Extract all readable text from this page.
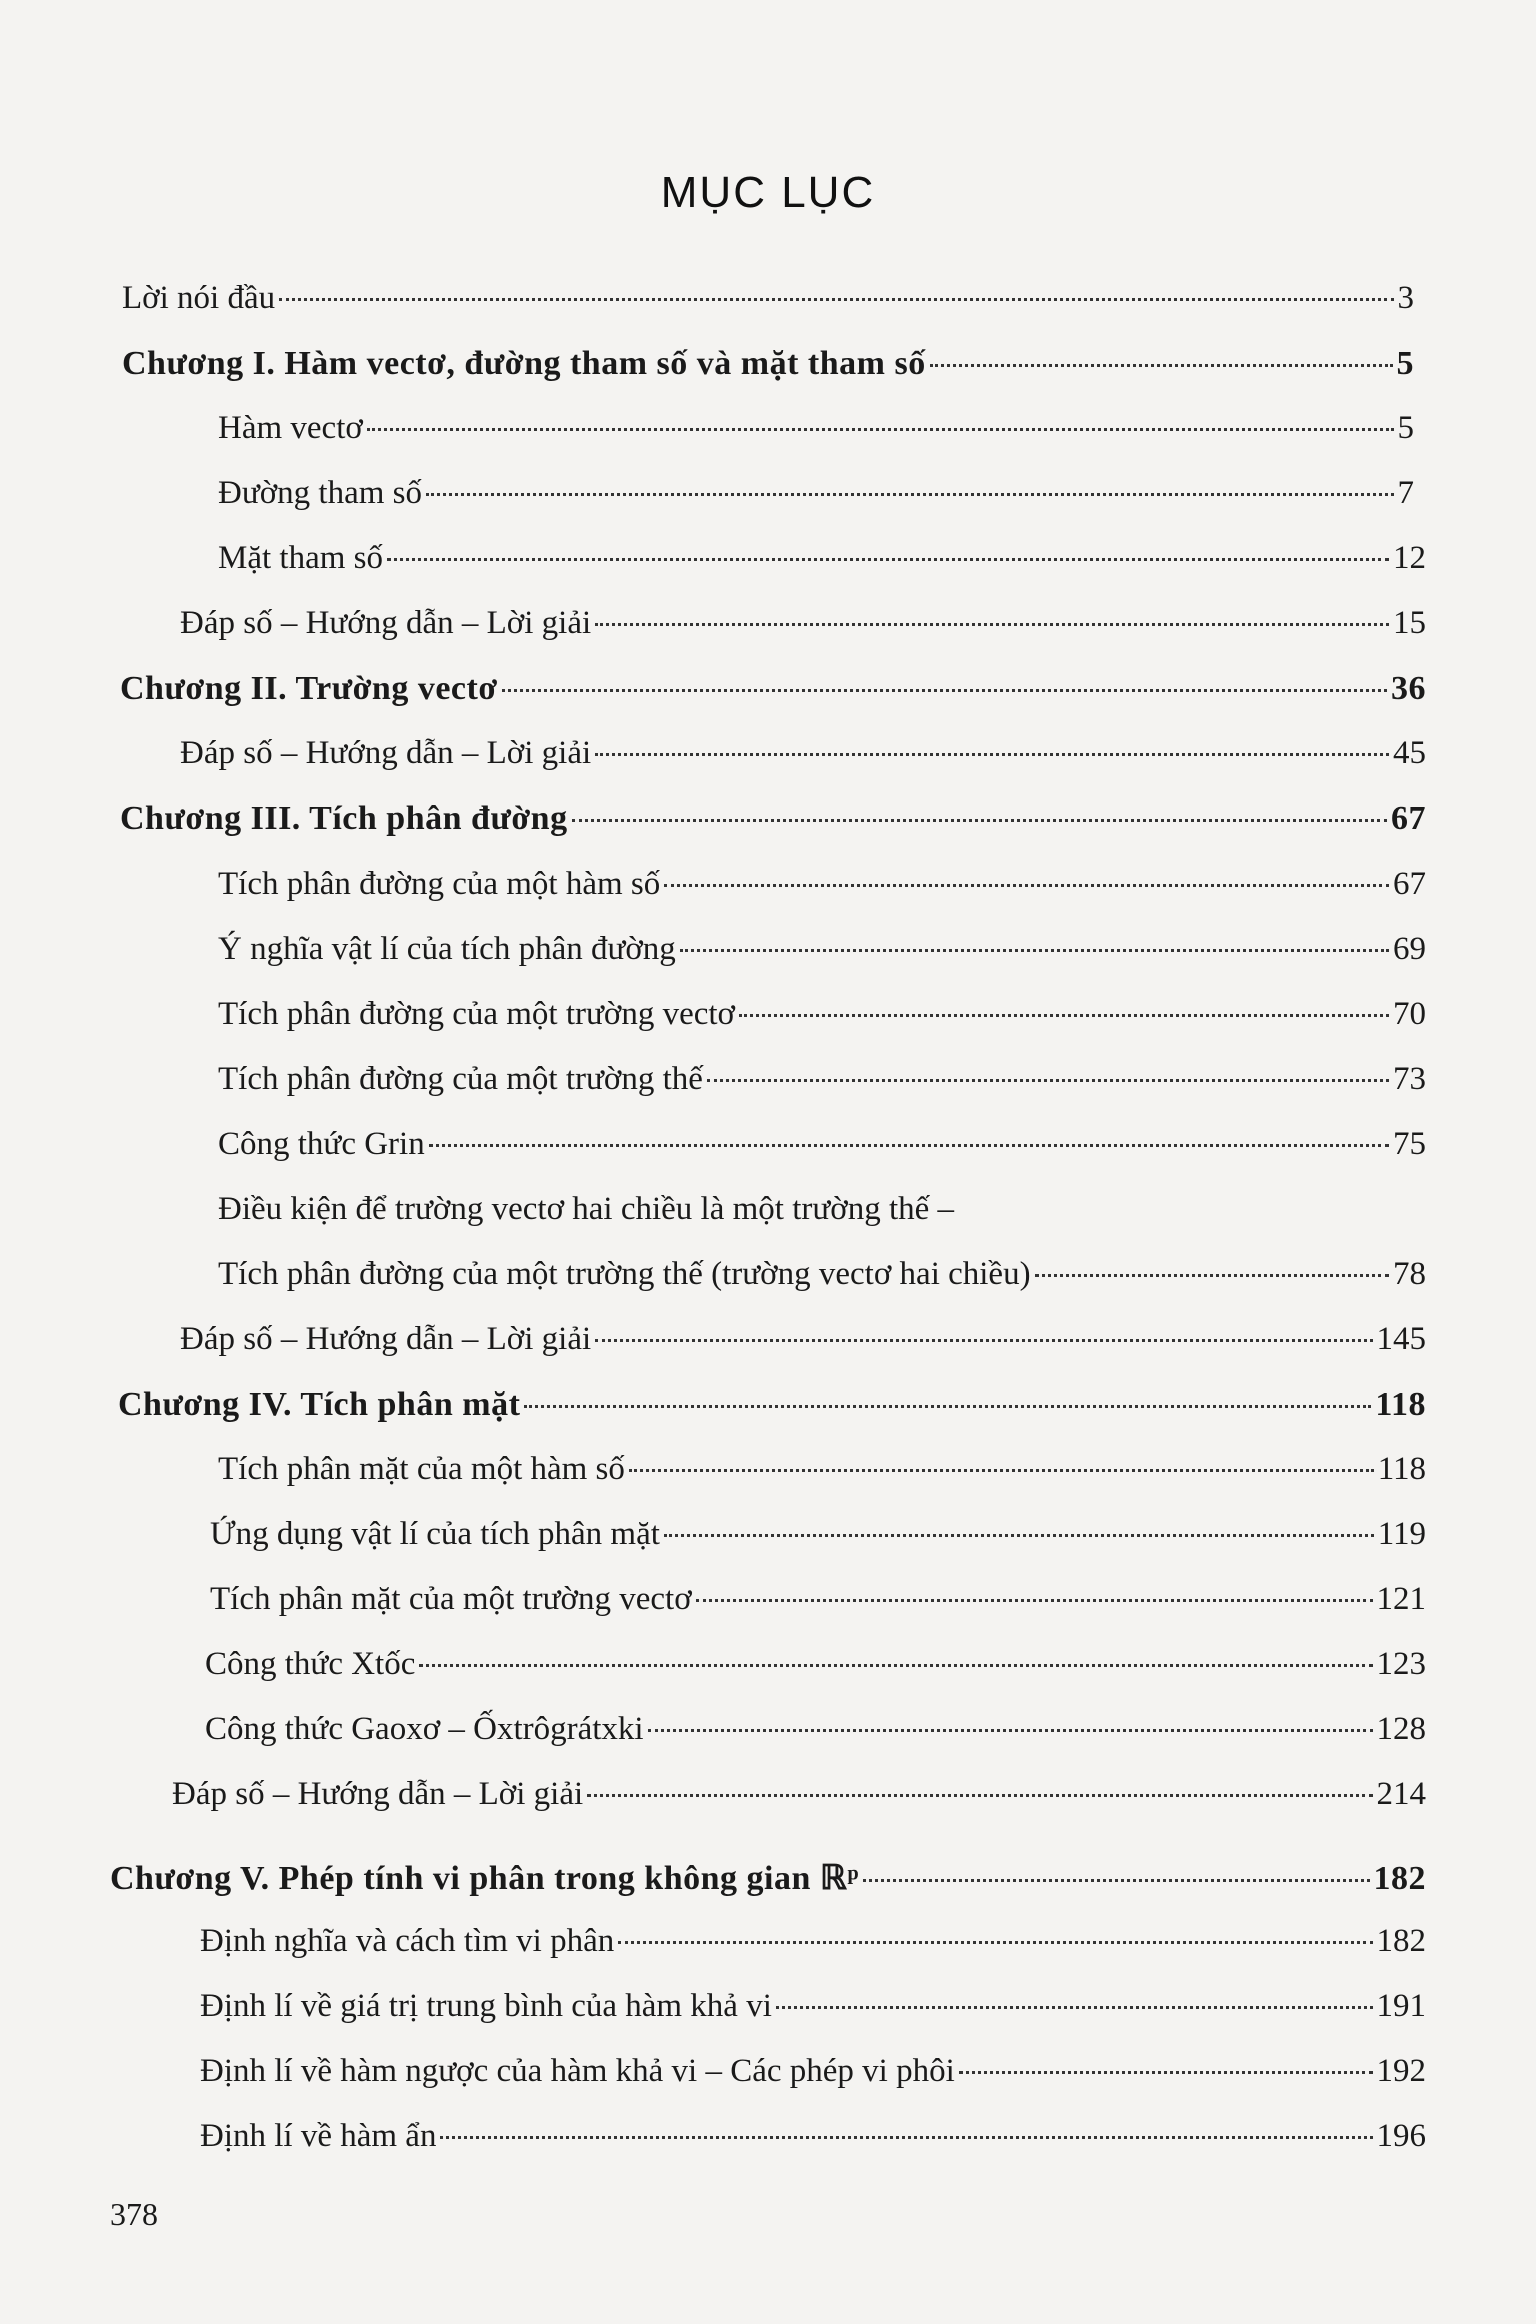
MỤC LỤC
Lời nói đầu	3
Chương I. Hàm vectơ, đường tham số và mặt tham số	5
Hàm vectơ	5
Đường tham số	7
Mặt tham số	12
Đáp số – Hướng dẫn – Lời giải	15
Chương II. Trường vectơ	36
Đáp số – Hướng dẫn – Lời giải	45
Chương III. Tích phân đường	67
Tích phân đường của một hàm số	67
Ý nghĩa vật lí của tích phân đường	69
Tích phân đường của một trường vectơ	70
Tích phân đường của một trường thế	73
Công thức Grin	75
Điều kiện để trường vectơ hai chiều là một trường thế –
Tích phân đường của một trường thế (trường vectơ hai chiều)	78
Đáp số – Hướng dẫn – Lời giải	145
Chương IV. Tích phân mặt	118
Tích phân mặt của một hàm số	118
Ứng dụng vật lí của tích phân mặt	119
Tích phân mặt của một trường vectơ	121
Công thức Xtốc	123
Công thức Gaoxơ – Ốxtrôgrátxki	128
Đáp số – Hướng dẫn – Lời giải	214
Chương V. Phép tính vi phân trong không gian ℝᵖ	182
Định nghĩa và cách tìm vi phân	182
Định lí về giá trị trung bình của hàm khả vi	191
Định lí về hàm ngược của hàm khả vi – Các phép vi phôi	192
Định lí về hàm ẩn	196
378
